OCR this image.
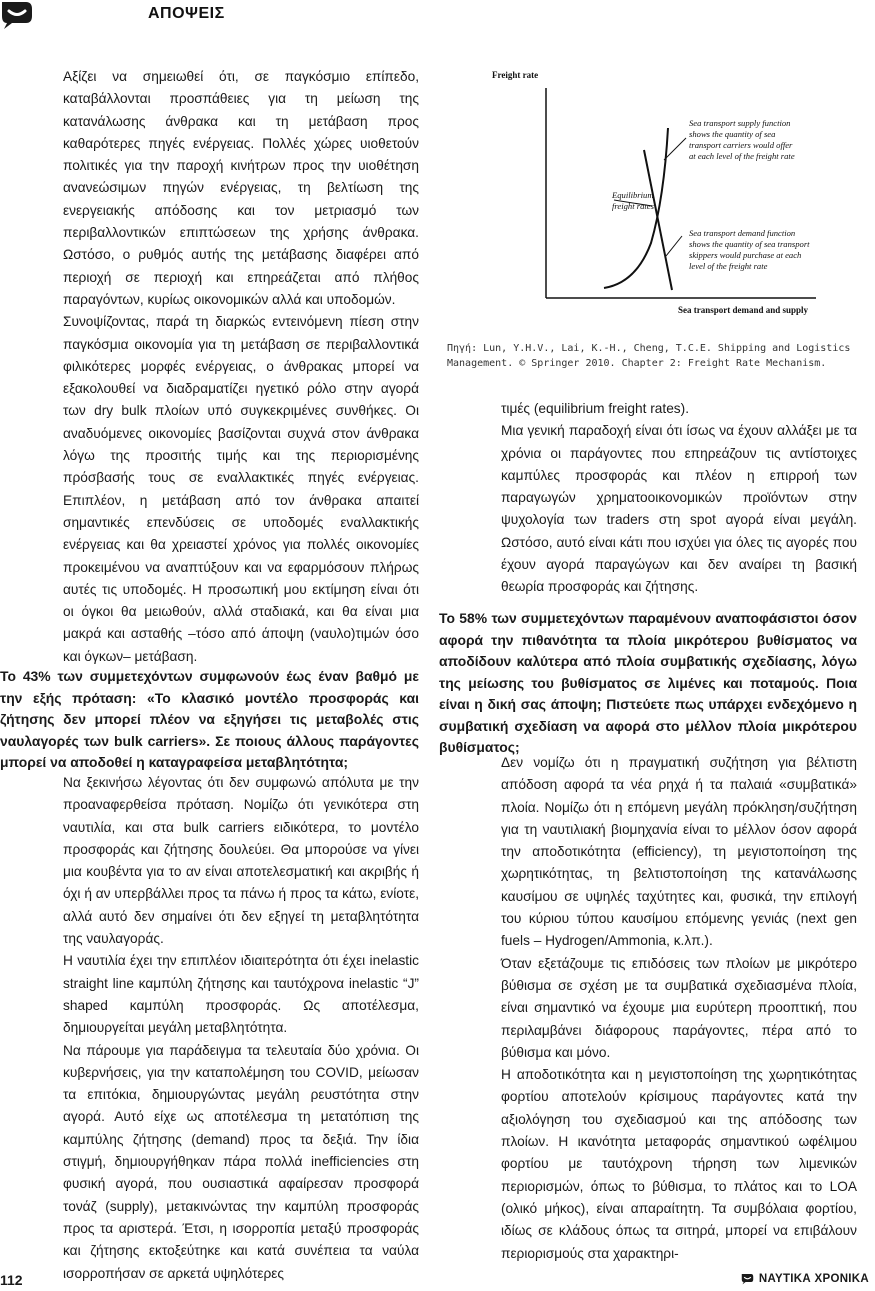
ΑΠΟΨΕΙΣ

Αξίζει να σημειωθεί ότι, σε παγκόσμιο επίπεδο, καταβάλλονται προσπάθειες για τη μείωση της κατανάλωσης άνθρακα και τη μετάβαση προς καθαρότερες πηγές ενέργειας. Πολλές χώρες υιοθετούν πολιτικές για την παροχή κινήτρων προς την υιοθέτηση ανανεώσιμων πηγών ενέργειας, τη βελτίωση της ενεργειακής απόδοσης και τον μετριασμό των περιβαλλοντικών επιπτώσεων της χρήσης άνθρακα. Ωστόσο, ο ρυθμός αυτής της μετάβασης διαφέρει από περιοχή σε περιοχή και επηρεάζεται από πλήθος παραγόντων, κυρίως οικονομικών αλλά και υποδομών.

Συνοψίζοντας, παρά τη διαρκώς εντεινόμενη πίεση στην παγκόσμια οικονομία για τη μετάβαση σε περιβαλλοντικά φιλικότερες μορφές ενέργειας, ο άνθρακας μπορεί να εξακολουθεί να διαδραματίζει ηγετικό ρόλο στην αγορά των dry bulk πλοίων υπό συγκεκριμένες συνθήκες. Οι αναδυόμενες οικονομίες βασίζονται συχνά στον άνθρακα λόγω της προσιτής τιμής και της περιορισμένης πρόσβασής τους σε εναλλακτικές πηγές ενέργειας. Επιπλέον, η μετάβαση από τον άνθρακα απαιτεί σημαντικές επενδύσεις σε υποδομές εναλλακτικής ενέργειας και θα χρειαστεί χρόνος για πολλές οικονομίες προκειμένου να αναπτύξουν και να εφαρμόσουν πλήρως αυτές τις υποδομές. Η προσωπική μου εκτίμηση είναι ότι οι όγκοι θα μειωθούν, αλλά σταδιακά, και θα είναι μια μακρά και ασταθής –τόσο από άποψη (ναυλο)τιμών όσο και όγκων– μετάβαση.

Το 43% των συμμετεχόντων συμφωνούν έως έναν βαθμό με την εξής πρόταση: «Το κλασικό μοντέλο προσφοράς και ζήτησης δεν μπορεί πλέον να εξηγήσει τις μεταβολές στις ναυλαγορές των bulk carriers». Σε ποιους άλλους παράγοντες μπορεί να αποδοθεί η καταγραφείσα μεταβλητότητα;

Να ξεκινήσω λέγοντας ότι δεν συμφωνώ απόλυτα με την προαναφερθείσα πρόταση. Νομίζω ότι γενικότερα στη ναυτιλία, και στα bulk carriers ειδικότερα, το μοντέλο προσφοράς και ζήτησης δουλεύει. Θα μπορούσε να γίνει μια κουβέντα για το αν είναι αποτελεσματική και ακριβής ή όχι ή αν υπερβάλλει προς τα πάνω ή προς τα κάτω, ενίοτε, αλλά αυτό δεν σημαίνει ότι δεν εξηγεί τη μεταβλητότητα της ναυλαγοράς.

Η ναυτιλία έχει την επιπλέον ιδιαιτερότητα ότι έχει inelastic straight line καμπύλη ζήτησης και ταυτόχρονα inelastic “J” shaped καμπύλη προσφοράς. Ως αποτέλεσμα, δημιουργείται μεγάλη μεταβλητότητα.

Να πάρουμε για παράδειγμα τα τελευταία δύο χρόνια. Οι κυβερνήσεις, για την καταπολέμηση του COVID, μείωσαν τα επιτόκια, δημιουργώντας μεγάλη ρευστότητα στην αγορά. Αυτό είχε ως αποτέλεσμα τη μετατόπιση της καμπύλης ζήτησης (demand) προς τα δεξιά. Την ίδια στιγμή, δημιουργήθηκαν πάρα πολλά inefficiencies στη φυσική αγορά, που ουσιαστικά αφαίρεσαν προσφορά τονάζ (supply), μετακινώντας την καμπύλη προσφοράς προς τα αριστερά. Έτσι, η ισορροπία μεταξύ προσφοράς και ζήτησης εκτοξεύτηκε και κατά συνέπεια τα ναύλα ισορροπήσαν σε αρκετά υψηλότερες

Freight rate
Sea transport demand and supply
Sea transport supply function shows the quantity of sea transport carriers would offer at each level of the freight rate
Equilibrium freight rates
Sea transport demand function shows the quantity of sea transport skippers would purchase at each level of the freight rate
Πηγή: Lun, Y.H.V., Lai, K.-H., Cheng, T.C.E. Shipping and Logistics Management. © Springer 2010. Chapter 2: Freight Rate Mechanism.

τιμές (equilibrium freight rates).

Μια γενική παραδοχή είναι ότι ίσως να έχουν αλλάξει με τα χρόνια οι παράγοντες που επηρεάζουν τις αντίστοιχες καμπύλες προσφοράς και πλέον η επιρροή των παραγωγών χρηματοοικονομικών προϊόντων στην ψυχολογία των traders στη spot αγορά είναι μεγάλη. Ωστόσο, αυτό είναι κάτι που ισχύει για όλες τις αγορές που έχουν αγορά παραγώγων και δεν αναίρει τη βασική θεωρία προσφοράς και ζήτησης.

Το 58% των συμμετεχόντων παραμένουν αναποφάσιστοι όσον αφορά την πιθανότητα τα πλοία μικρότερου βυθίσματος να αποδίδουν καλύτερα από πλοία συμβατικής σχεδίασης, λόγω της μείωσης του βυθίσματος σε λιμένες και ποταμούς. Ποια είναι η δική σας άποψη; Πιστεύετε πως υπάρχει ενδεχόμενο η συμβατική σχεδίαση να αφορά στο μέλλον πλοία μικρότερου βυθίσματος;

Δεν νομίζω ότι η πραγματική συζήτηση για βέλτιστη απόδοση αφορά τα νέα ρηχά ή τα παλαιά «συμβατικά» πλοία. Νομίζω ότι η επόμενη μεγάλη πρόκληση/συζήτηση για τη ναυτιλιακή βιομηχανία είναι το μέλλον όσον αφορά την αποδοτικότητα (efficiency), τη μεγιστοποίηση της χωρητικότητας, τη βελτιστοποίηση της κατανάλωσης καυσίμου σε υψηλές ταχύτητες και, φυσικά, την επιλογή του κύριου τύπου καυσίμου επόμενης γενιάς (next gen fuels – Hydrogen/Ammonia, κ.λπ.).

Όταν εξετάζουμε τις επιδόσεις των πλοίων με μικρότερο βύθισμα σε σχέση με τα συμβατικά σχεδιασμένα πλοία, είναι σημαντικό να έχουμε μια ευρύτερη προοπτική, που περιλαμβάνει διάφορους παράγοντες, πέρα από το βύθισμα και μόνο.

Η αποδοτικότητα και η μεγιστοποίηση της χωρητικότητας φορτίου αποτελούν κρίσιμους παράγοντες κατά την αξιολόγηση του σχεδιασμού και της απόδοσης των πλοίων. Η ικανότητα μεταφοράς σημαντικού ωφέλιμου φορτίου με ταυτόχρονη τήρηση των λιμενικών περιορισμών, όπως το βύθισμα, το πλάτος και το LOA (ολικό μήκος), είναι απαραίτητη. Τα συμβόλαια φορτίου, ιδίως σε κλάδους όπως τα σιτηρά, μπορεί να επιβάλουν περιορισμούς στα χαρακτηρι-

112	ΝΑΥΤΙΚΑ ΧΡΟΝΙΚΑ
